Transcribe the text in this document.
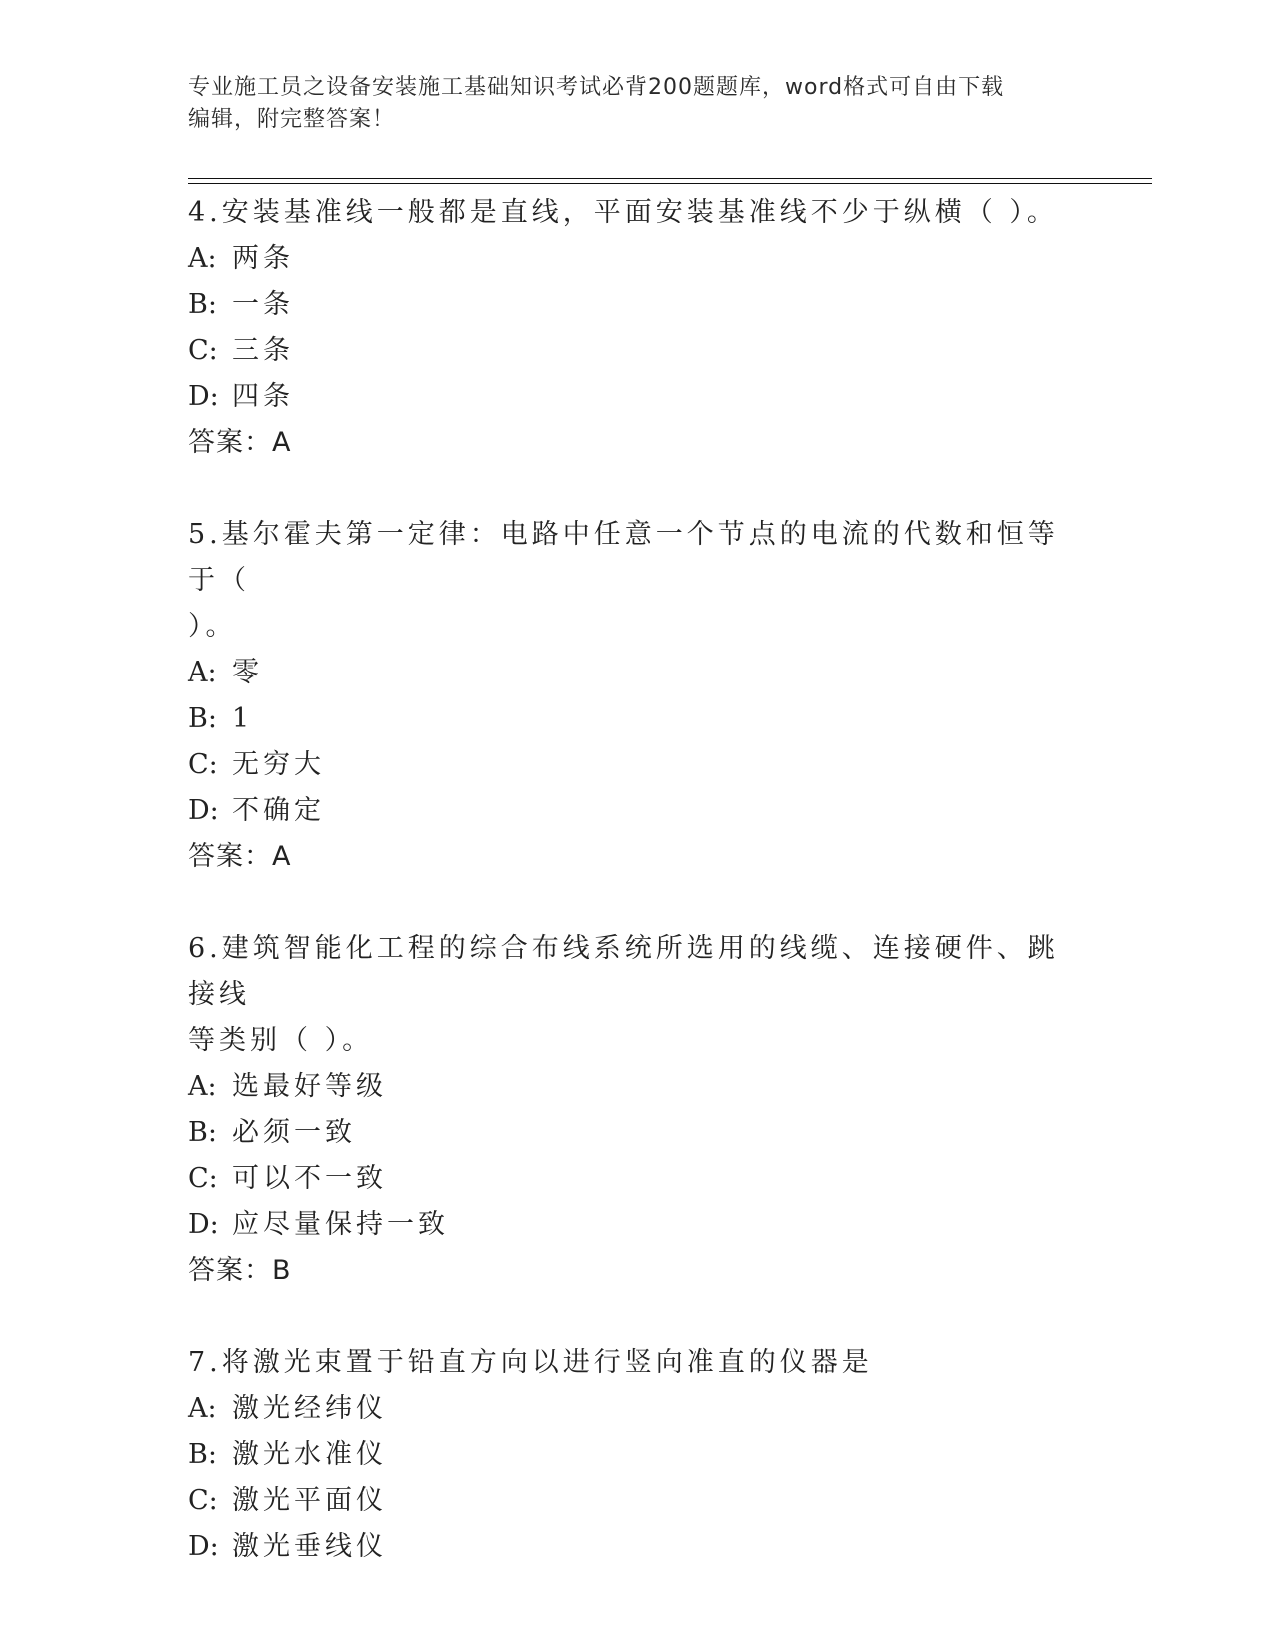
专业施工员之设备安装施工基础知识考试必背200题题库，word格式可自由下载
编辑，附完整答案！

4.安装基准线一般都是直线，平面安装基准线不少于纵横（ ）。

A: 两条

B: 一条

C: 三条

D: 四条

答案：A

5.基尔霍夫第一定律：电路中任意一个节点的电流的代数和恒等于（

）。

A: 零

B: 1

C: 无穷大

D: 不确定

答案：A

6.建筑智能化工程的综合布线系统所选用的线缆、连接硬件、跳接线

等类别（ ）。

A: 选最好等级

B: 必须一致

C: 可以不一致

D: 应尽量保持一致

答案：B

7.将激光束置于铅直方向以进行竖向准直的仪器是

A: 激光经纬仪

B: 激光水准仪

C: 激光平面仪

D: 激光垂线仪
